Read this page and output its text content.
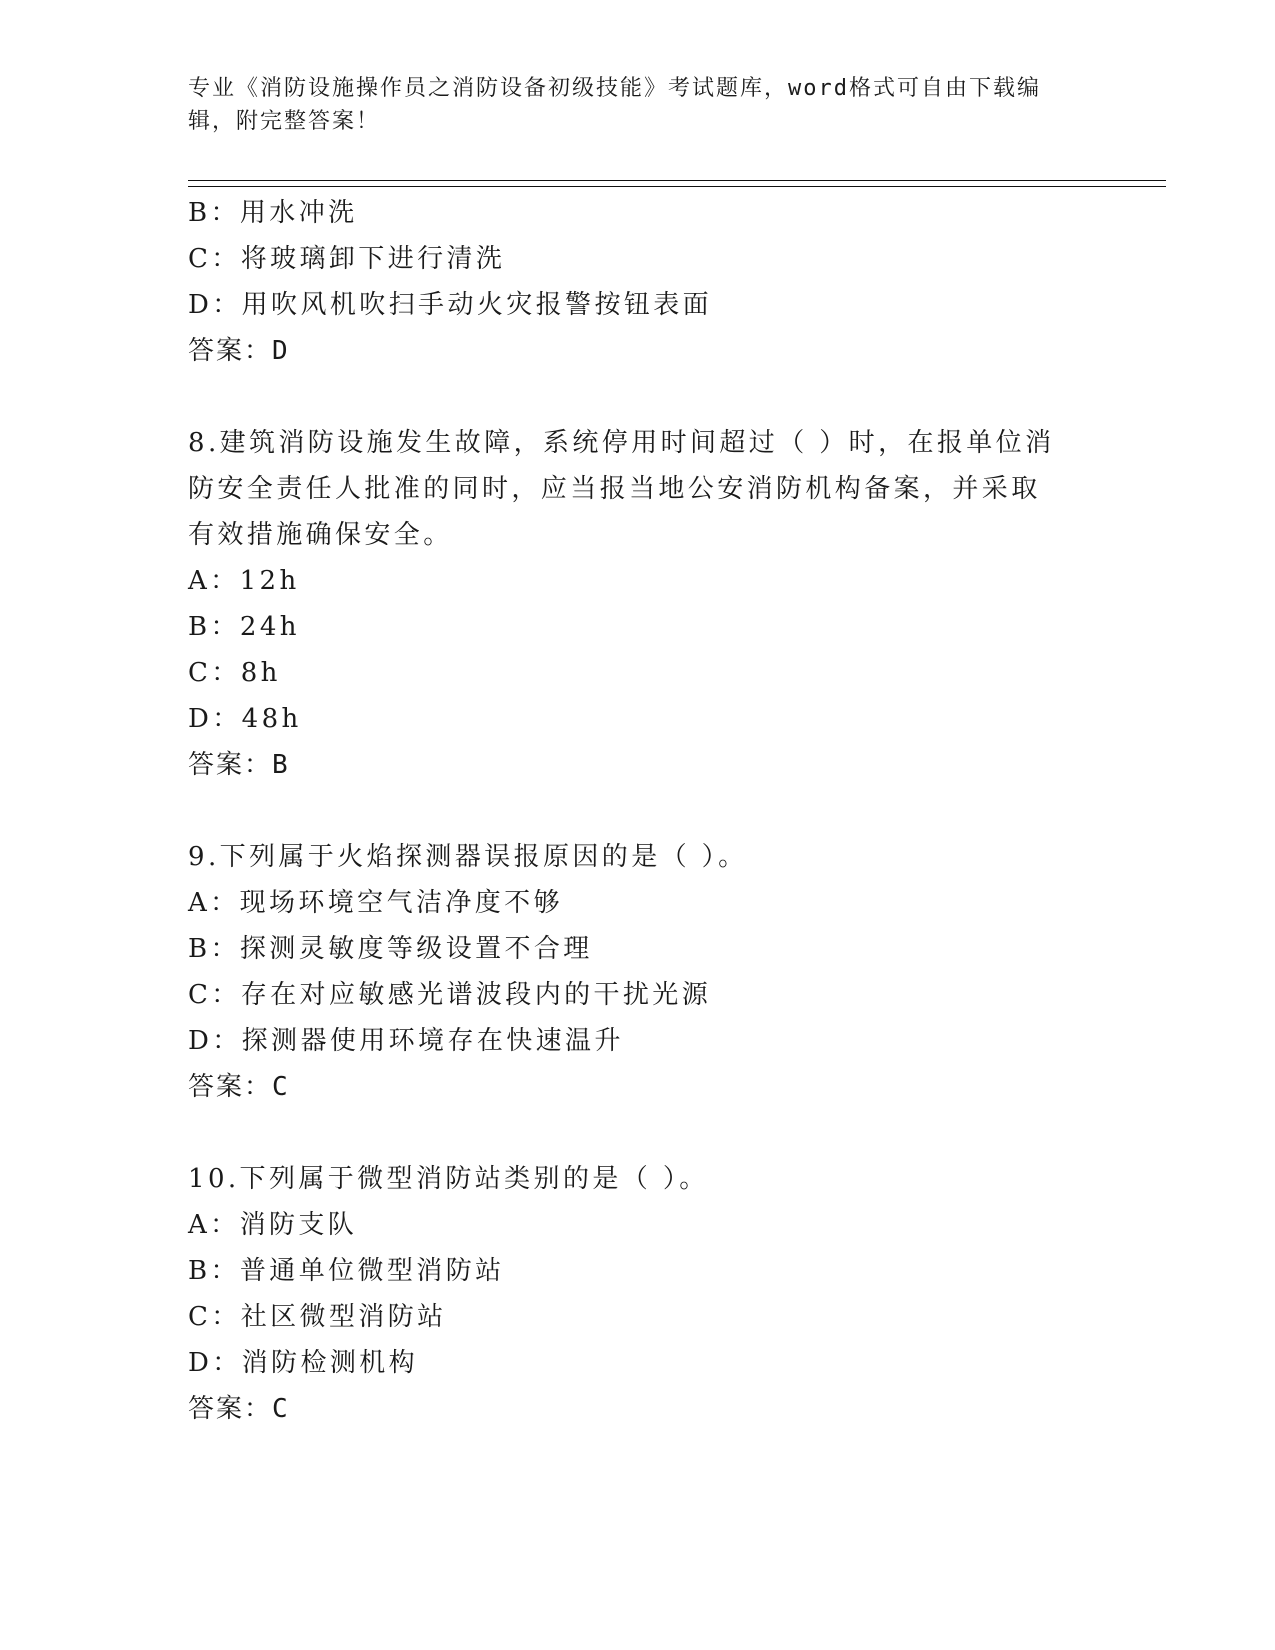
专业《消防设施操作员之消防设备初级技能》考试题库，word格式可自由下载编辑，附完整答案！
B：用水冲洗
C：将玻璃卸下进行清洗
D：用吹风机吹扫手动火灾报警按钮表面
答案：D
8.建筑消防设施发生故障，系统停用时间超过（ ）时，在报单位消防安全责任人批准的同时，应当报当地公安消防机构备案，并采取有效措施确保安全。
A：12h
B：24h
C：8h
D：48h
答案：B
9.下列属于火焰探测器误报原因的是（ ）。
A：现场环境空气洁净度不够
B：探测灵敏度等级设置不合理
C：存在对应敏感光谱波段内的干扰光源
D：探测器使用环境存在快速温升
答案：C
10.下列属于微型消防站类别的是（ ）。
A：消防支队
B：普通单位微型消防站
C：社区微型消防站
D：消防检测机构
答案：C
